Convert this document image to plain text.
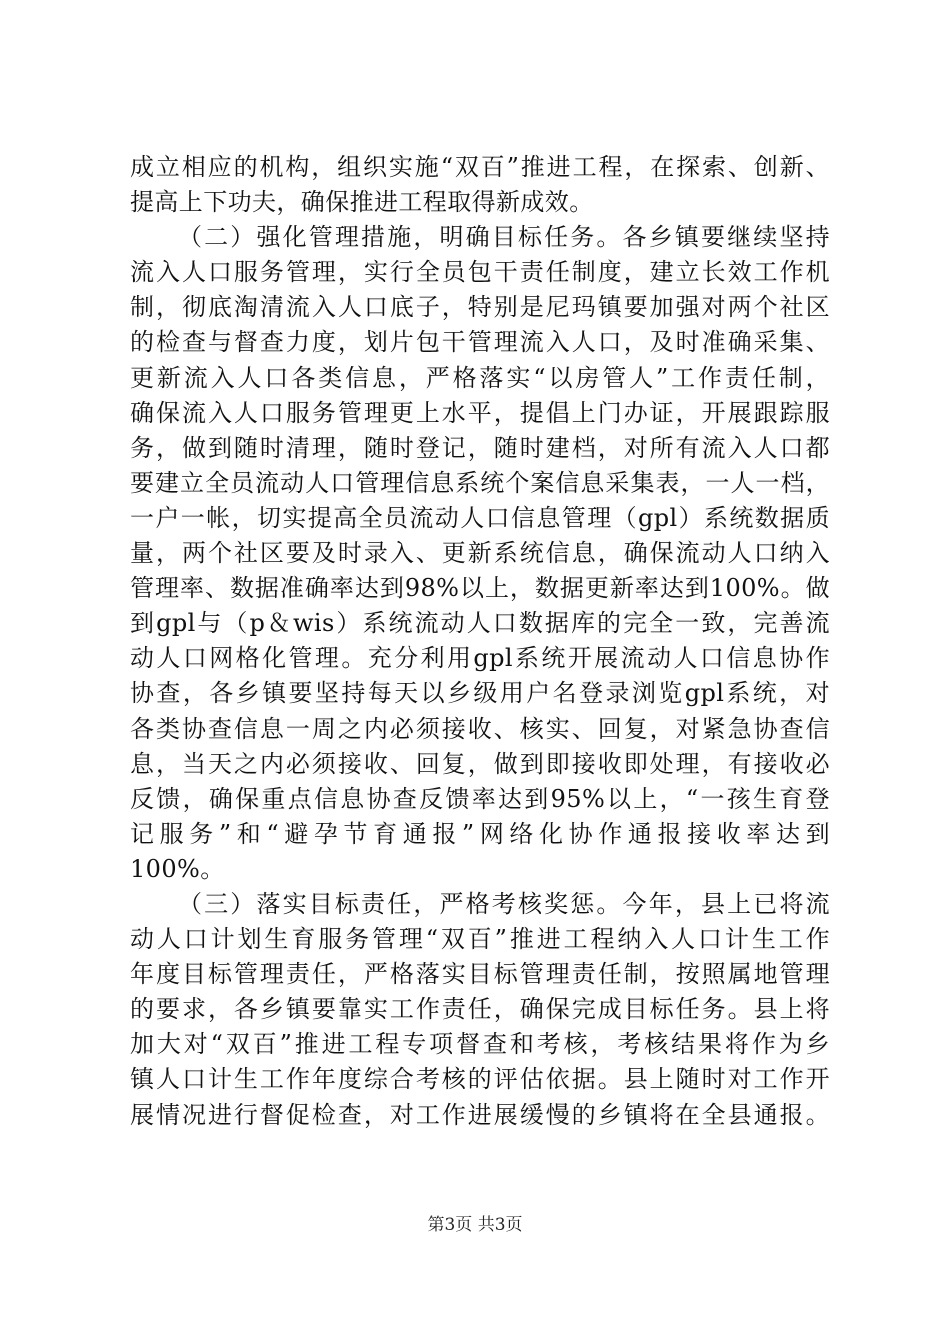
成立相应的机构，组织实施“双百”推进工程，在探索、创新、
提高上下功夫，确保推进工程取得新成效。
（二）强化管理措施，明确目标任务。各乡镇要继续坚持
流入人口服务管理，实行全员包干责任制度，建立长效工作机
制，彻底淘清流入人口底子，特别是尼玛镇要加强对两个社区
的检查与督查力度，划片包干管理流入人口，及时准确采集、
更新流入人口各类信息，严格落实“以房管人”工作责任制，
确保流入人口服务管理更上水平，提倡上门办证，开展跟踪服
务，做到随时清理，随时登记，随时建档，对所有流入人口都
要建立全员流动人口管理信息系统个案信息采集表，一人一档，
一户一帐，切实提高全员流动人口信息管理（gpl）系统数据质
量，两个社区要及时录入、更新系统信息，确保流动人口纳入
管理率、数据准确率达到98%以上，数据更新率达到100%。做
到gpl与（p＆wis）系统流动人口数据库的完全一致，完善流
动人口网格化管理。充分利用gpl系统开展流动人口信息协作
协查，各乡镇要坚持每天以乡级用户名登录浏览gpl系统，对
各类协查信息一周之内必须接收、核实、回复，对紧急协查信
息，当天之内必须接收、回复，做到即接收即处理，有接收必
反馈，确保重点信息协查反馈率达到95%以上，“一孩生育登
记服务”和“避孕节育通报”网络化协作通报接收率达到
100%。
（三）落实目标责任，严格考核奖惩。今年，县上已将流
动人口计划生育服务管理“双百”推进工程纳入人口计生工作
年度目标管理责任，严格落实目标管理责任制，按照属地管理
的要求，各乡镇要靠实工作责任，确保完成目标任务。县上将
加大对“双百”推进工程专项督查和考核，考核结果将作为乡
镇人口计生工作年度综合考核的评估依据。县上随时对工作开
展情况进行督促检查，对工作进展缓慢的乡镇将在全县通报。
第3页 共3页
